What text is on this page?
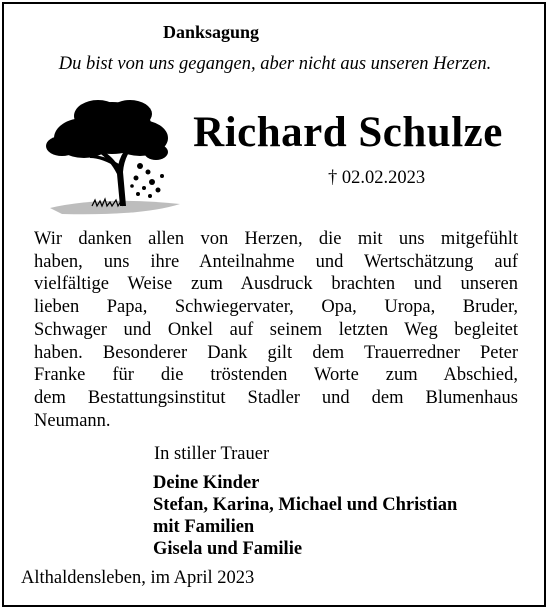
Danksagung
Du bist von uns gegangen, aber nicht aus unseren Herzen.
Richard Schulze
† 02.02.2023
Wir danken allen von Herzen, die mit uns mitgefühlt
haben, uns ihre Anteilnahme und Wertschätzung auf
vielfältige Weise zum Ausdruck brachten und unseren
lieben Papa, Schwiegervater, Opa, Uropa, Bruder,
Schwager und Onkel auf seinem letzten Weg begleitet
haben. Besonderer Dank gilt dem Trauerredner Peter
Franke für die tröstenden Worte zum Abschied,
dem Bestattungsinstitut Stadler und dem Blumenhaus
Neumann.
In stiller Trauer
Deine Kinder
Stefan, Karina, Michael und Christian
mit Familien
Gisela und Familie
Althaldensleben, im April 2023
